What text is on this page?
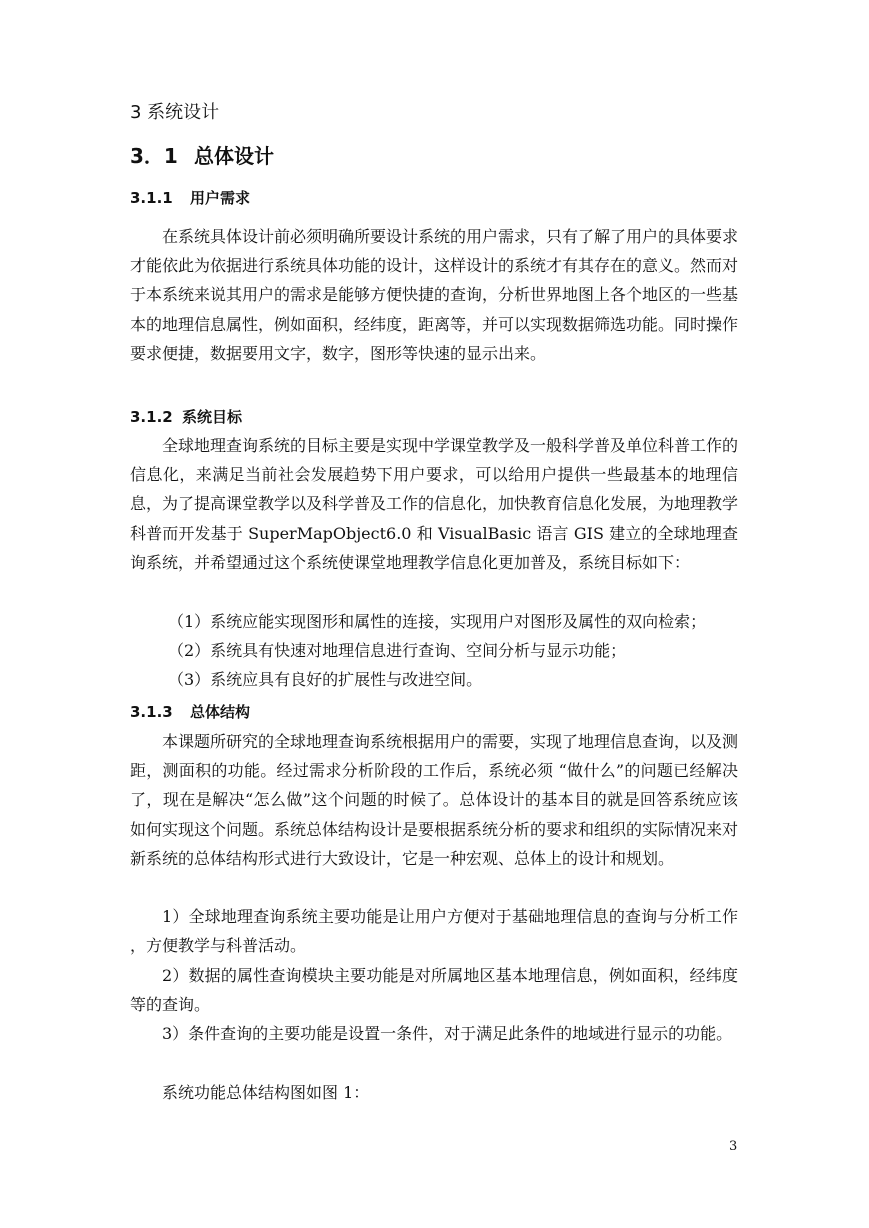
3 系统设计
3．1 总体设计
3.1.1 用户需求
在系统具体设计前必须明确所要设计系统的用户需求，只有了解了用户的具体要求才能依此为依据进行系统具体功能的设计，这样设计的系统才有其存在的意义。然而对于本系统来说其用户的需求是能够方便快捷的查询，分析世界地图上各个地区的一些基本的地理信息属性，例如面积，经纬度，距离等，并可以实现数据筛选功能。同时操作要求便捷，数据要用文字，数字，图形等快速的显示出来。
3.1.2 系统目标
全球地理查询系统的目标主要是实现中学课堂教学及一般科学普及单位科普工作的信息化，来满足当前社会发展趋势下用户要求，可以给用户提供一些最基本的地理信息，为了提高课堂教学以及科学普及工作的信息化，加快教育信息化发展，为地理教学科普而开发基于 SuperMapObject6.0 和 VisualBasic 语言 GIS 建立的全球地理查询系统，并希望通过这个系统使课堂地理教学信息化更加普及，系统目标如下：
（1）系统应能实现图形和属性的连接，实现用户对图形及属性的双向检索；
（2）系统具有快速对地理信息进行查询、空间分析与显示功能；
（3）系统应具有良好的扩展性与改进空间。
3.1.3 总体结构
本课题所研究的全球地理查询系统根据用户的需要，实现了地理信息查询，以及测距，测面积的功能。经过需求分析阶段的工作后，系统必须 “做什么”的问题已经解决了，现在是解决“怎么做”这个问题的时候了。总体设计的基本目的就是回答系统应该如何实现这个问题。系统总体结构设计是要根据系统分析的要求和组织的实际情况来对新系统的总体结构形式进行大致设计，它是一种宏观、总体上的设计和规划。
1）全球地理查询系统主要功能是让用户方便对于基础地理信息的查询与分析工作 ，方便教学与科普活动。
2）数据的属性查询模块主要功能是对所属地区基本地理信息，例如面积，经纬度等的查询。
3）条件查询的主要功能是设置一条件，对于满足此条件的地域进行显示的功能。
系统功能总体结构图如图 1：
3
